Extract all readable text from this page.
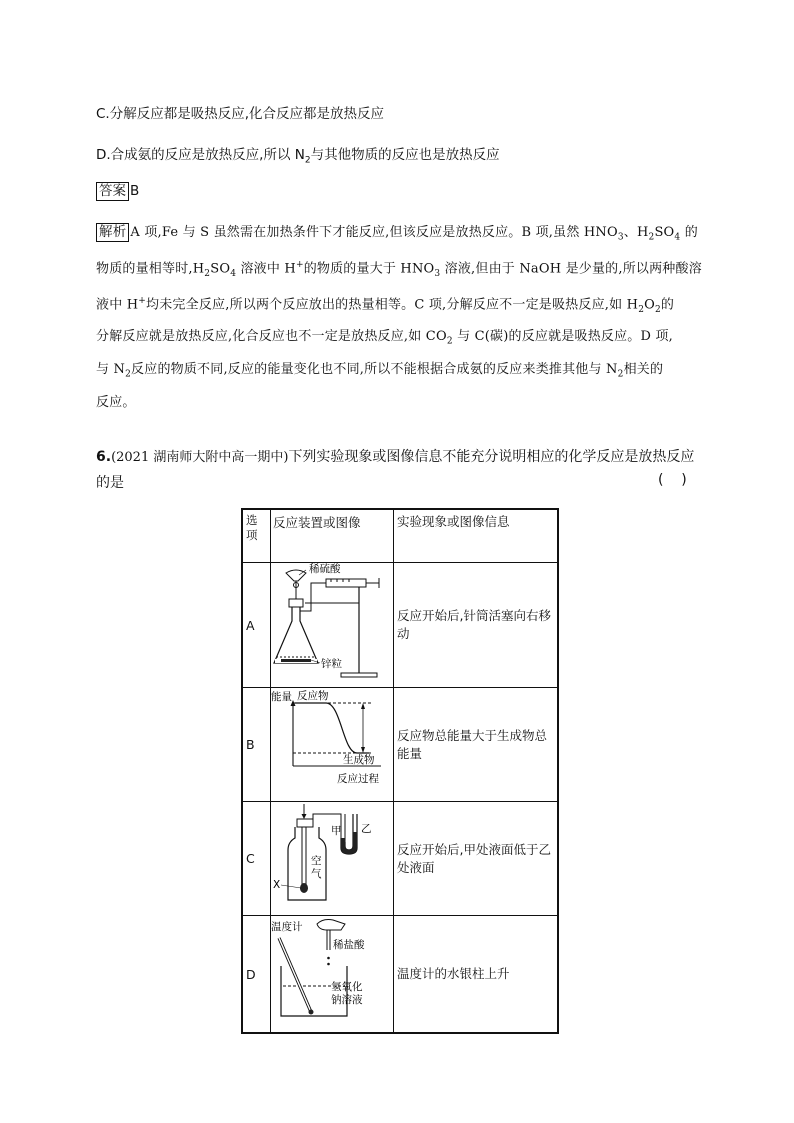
C.分解反应都是吸热反应,化合反应都是放热反应
D.合成氨的反应是放热反应,所以 $N_2$与其他物质的反应也是放热反应
答案 B

解析 A 项,Fe 与 S 虽然需在加热条件下才能反应,但该反应是放热反应。B 项,虽然 $HNO_3$、$H_2SO_4$ 的

物质的量相等时$,H_2SO_4$ 溶液中 H+的物质的量大于 $HNO_3$ 溶液,但由于 NaOH 是少量的,所以两种酸溶

液中 H+均未完全反应,所以两个反应放出的热量相等。C 项,分解反应不一定是吸热反应,如 $H_2O_2$的

分解反应就是放热反应,化合反应也不一定是放热反应,如 $CO_2$ 与 C(碳)的反应就是吸热反应。D 项,

与 $N_2$反应的物质不同,反应的能量变化也不同,所以不能根据合成氨的反应来类推其他与 $N_2$相关的

反应。

6.(2021 湖南师大附中高一期中)下列实验现象或图像信息不能充分说明相应的化学反应是放热反应
的是	(    )
选
项	反应装置或图像	实验现象或图像信息
A	稀硫酸
锌粒	反应开始后,针筒活塞向右移动
B	能量 反应物
生成物
反应过程	反应物总能量大于生成物总能量
C	甲 乙
空
气
X	反应开始后,甲处液面低于乙处液面
D	温度计
稀盐酸
氢氧化
钠溶液	温度计的水银柱上升
